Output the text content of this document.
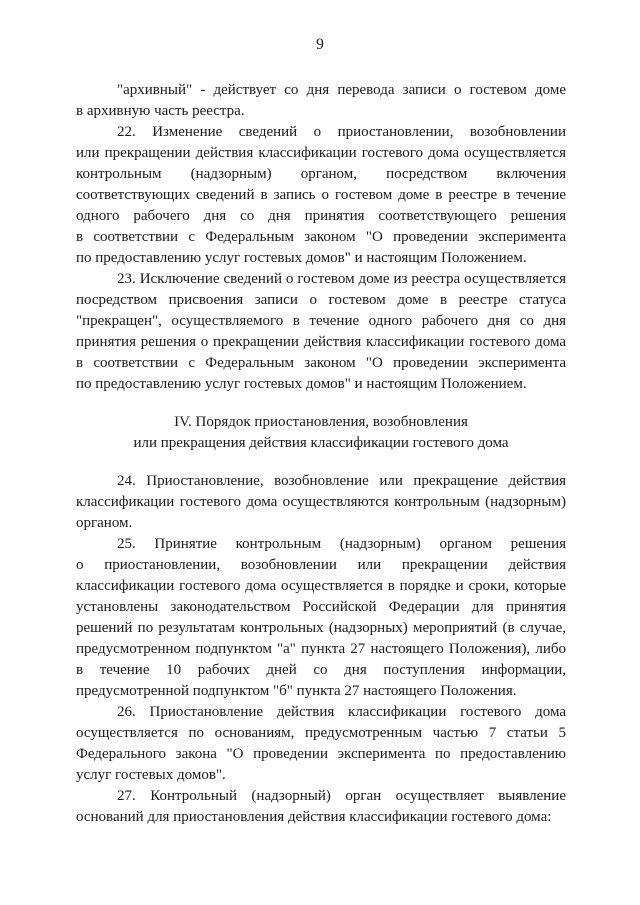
9
"архивный" - действует со дня перевода записи о гостевом доме
в архивную часть реестра.
22. Изменение сведений о приостановлении, возобновлении
или прекращении действия классификации гостевого дома осуществляется
контрольным (надзорным) органом, посредством включения
соответствующих сведений в запись о гостевом доме в реестре в течение
одного рабочего дня со дня принятия соответствующего решения
в соответствии с Федеральным законом "О проведении эксперимента
по предоставлению услуг гостевых домов" и настоящим Положением.
23. Исключение сведений о гостевом доме из реестра осуществляется
посредством присвоения записи о гостевом доме в реестре статуса
"прекращен", осуществляемого в течение одного рабочего дня со дня
принятия решения о прекращении действия классификации гостевого дома
в соответствии с Федеральным законом "О проведении эксперимента
по предоставлению услуг гостевых домов" и настоящим Положением.
IV. Порядок приостановления, возобновления
или прекращения действия классификации гостевого дома
24. Приостановление, возобновление или прекращение действия
классификации гостевого дома осуществляются контрольным (надзорным)
органом.
25. Принятие контрольным (надзорным) органом решения
о приостановлении, возобновлении или прекращении действия
классификации гостевого дома осуществляется в порядке и сроки, которые
установлены законодательством Российской Федерации для принятия
решений по результатам контрольных (надзорных) мероприятий (в случае,
предусмотренном подпунктом "а" пункта 27 настоящего Положения), либо
в течение 10 рабочих дней со дня поступления информации,
предусмотренной подпунктом "б" пункта 27 настоящего Положения.
26. Приостановление действия классификации гостевого дома
осуществляется по основаниям, предусмотренным частью 7 статьи 5
Федерального закона "О проведении эксперимента по предоставлению
услуг гостевых домов".
27. Контрольный (надзорный) орган осуществляет выявление
оснований для приостановления действия классификации гостевого дома:
